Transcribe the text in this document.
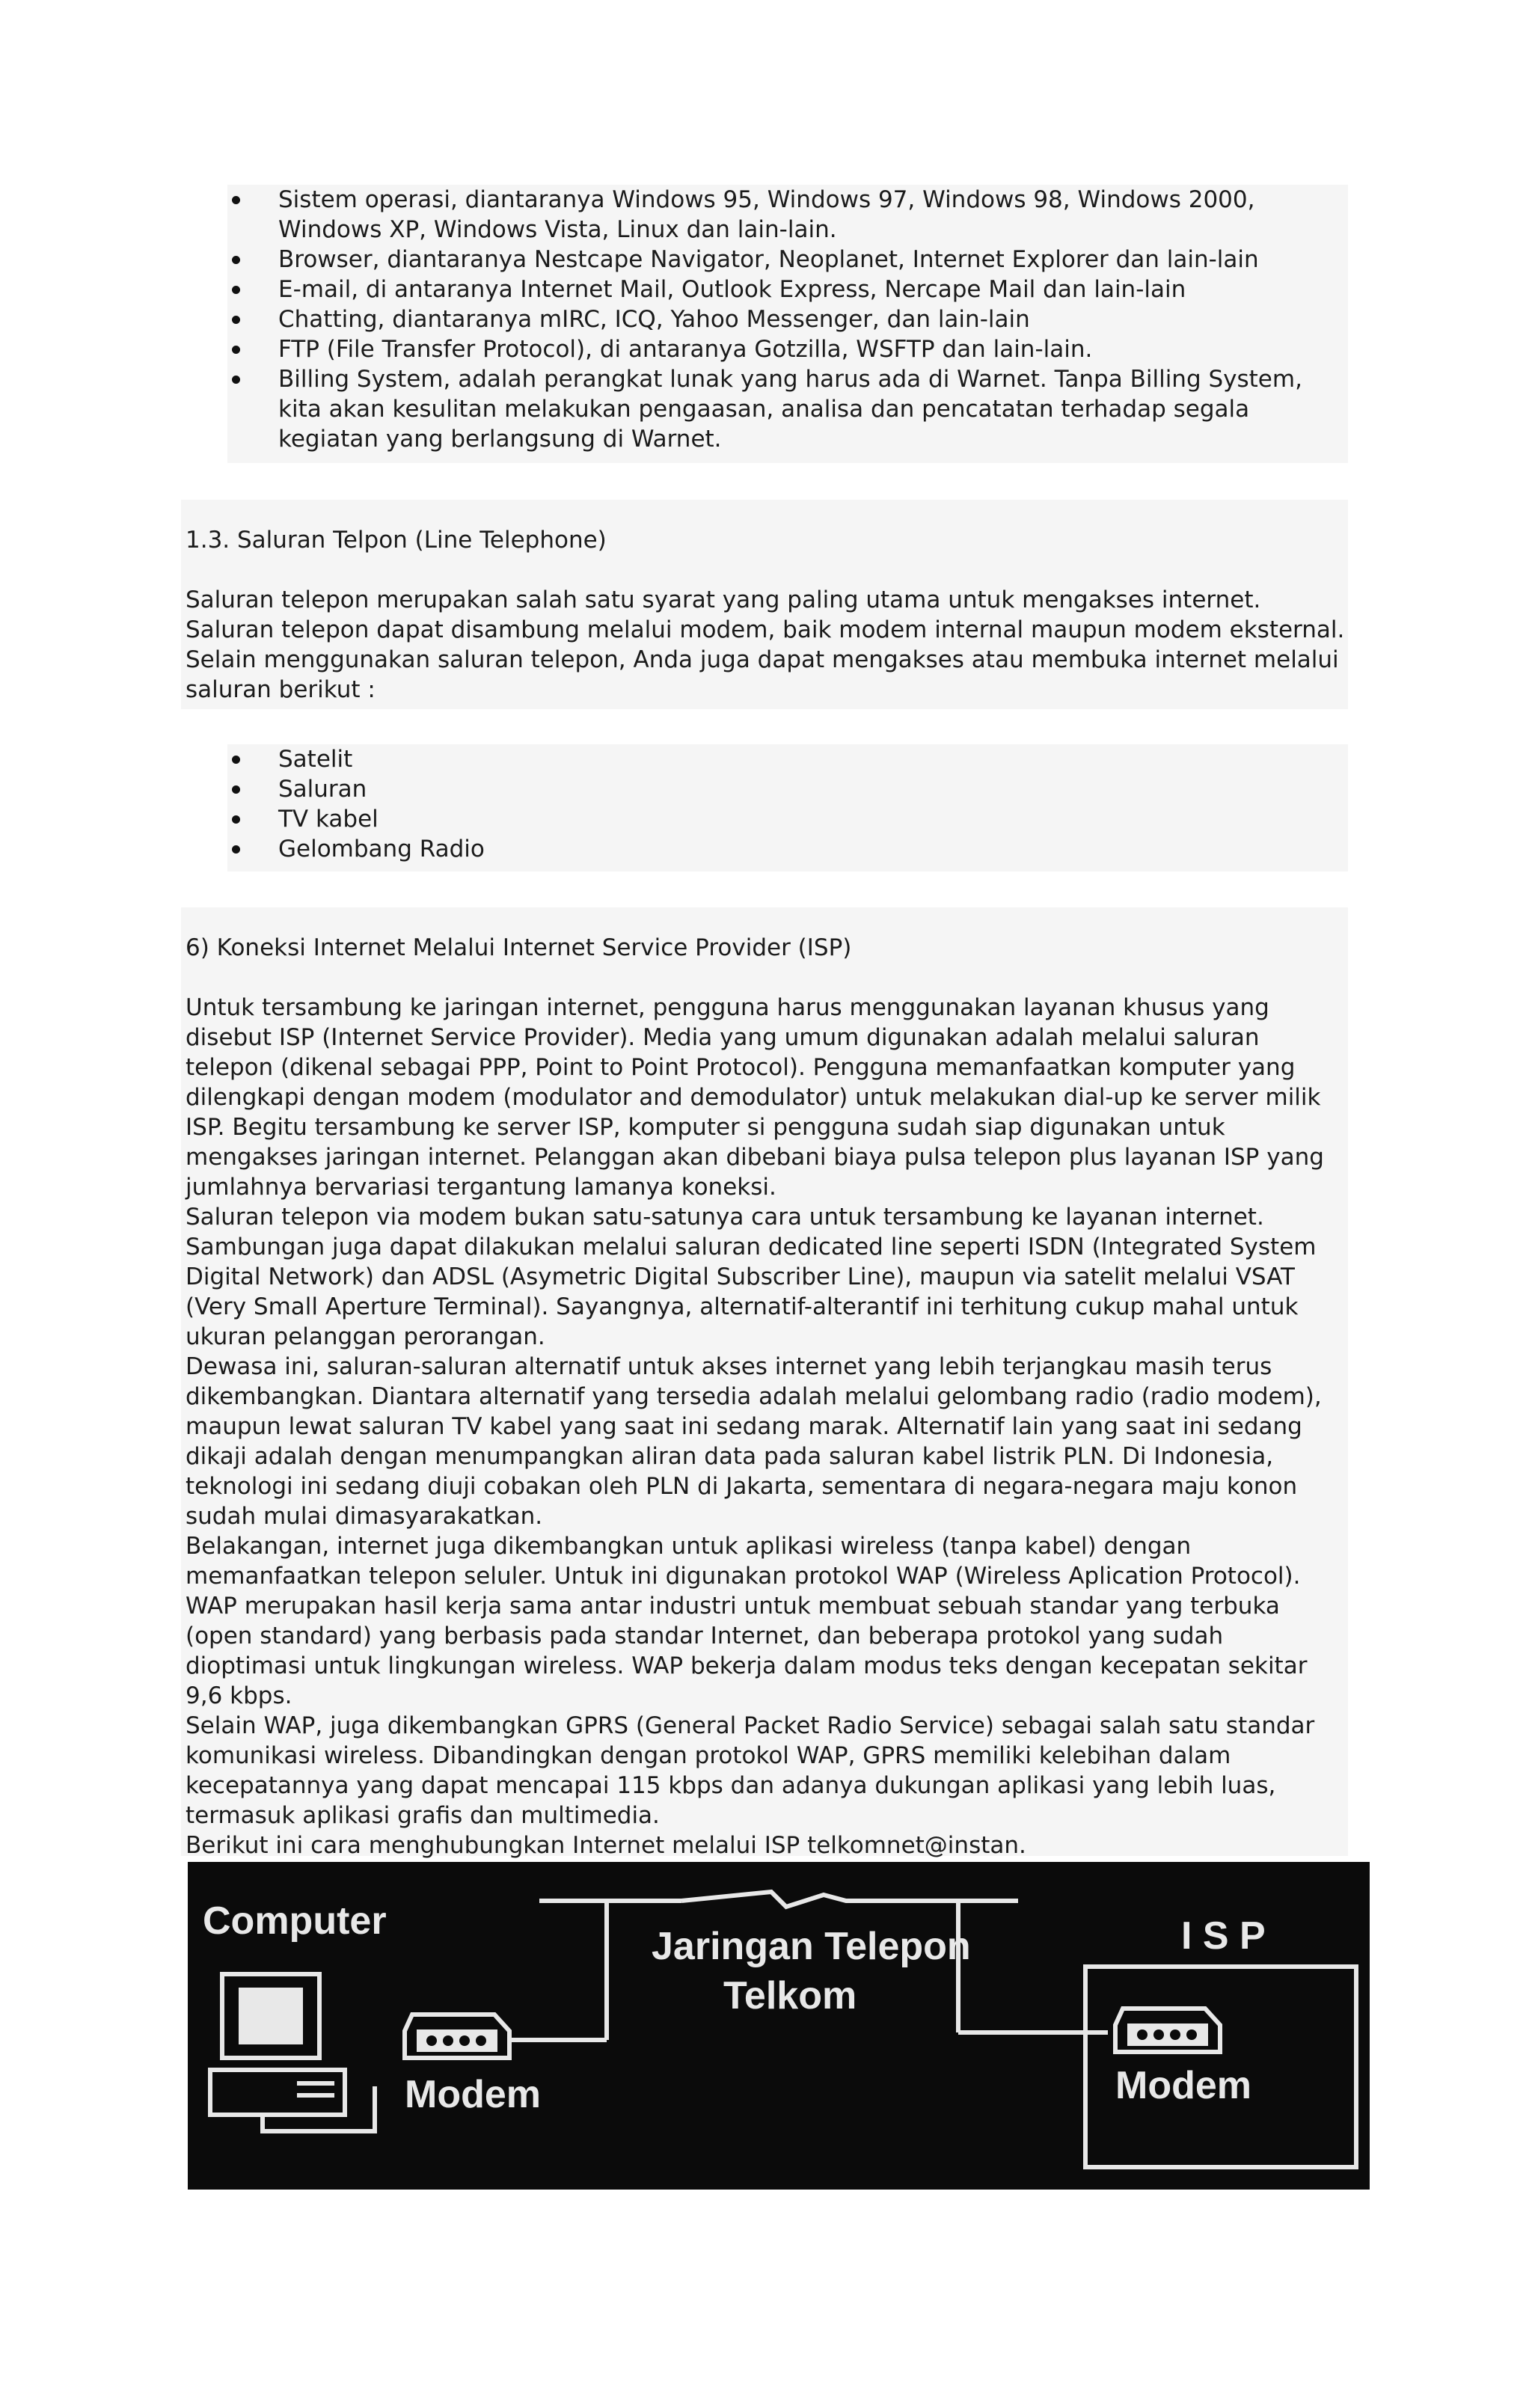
Sistem operasi, diantaranya Windows 95, Windows 97, Windows 98, Windows 2000, Windows XP, Windows Vista, Linux dan lain-lain.
Browser, diantaranya Nestcape Navigator, Neoplanet, Internet Explorer dan lain-lain
E-mail, di antaranya Internet Mail, Outlook Express, Nercape Mail dan lain-lain
Chatting, diantaranya mIRC, ICQ, Yahoo Messenger, dan lain-lain
FTP (File Transfer Protocol), di antaranya Gotzilla, WSFTP dan lain-lain.
Billing System, adalah perangkat lunak yang harus ada di Warnet. Tanpa Billing System, kita akan kesulitan melakukan pengaasan, analisa dan pencatatan terhadap segala kegiatan yang berlangsung di Warnet.

1.3. Saluran Telpon (Line Telephone)

Saluran telepon merupakan salah satu syarat yang paling utama untuk mengakses internet. Saluran telepon dapat disambung melalui modem, baik modem internal maupun modem eksternal. Selain menggunakan saluran telepon, Anda juga dapat mengakses atau membuka internet melalui saluran berikut :

Satelit
Saluran
TV kabel
Gelombang Radio

6) Koneksi Internet Melalui Internet Service Provider (ISP)

Untuk tersambung ke jaringan internet, pengguna harus menggunakan layanan khusus yang disebut ISP (Internet Service Provider). Media yang umum digunakan adalah melalui saluran telepon (dikenal sebagai PPP, Point to Point Protocol). Pengguna memanfaatkan komputer yang dilengkapi dengan modem (modulator and demodulator) untuk melakukan dial-up ke server milik ISP. Begitu tersambung ke server ISP, komputer si pengguna sudah siap digunakan untuk mengakses jaringan internet. Pelanggan akan dibebani biaya pulsa telepon plus layanan ISP yang jumlahnya bervariasi tergantung lamanya koneksi.

Saluran telepon via modem bukan satu-satunya cara untuk tersambung ke layanan internet. Sambungan juga dapat dilakukan melalui saluran dedicated line seperti ISDN (Integrated System Digital Network) dan ADSL (Asymetric Digital Subscriber Line), maupun via satelit melalui VSAT (Very Small Aperture Terminal). Sayangnya, alternatif-alterantif ini terhitung cukup mahal untuk ukuran pelanggan perorangan.

Dewasa ini, saluran-saluran alternatif untuk akses internet yang lebih terjangkau masih terus dikembangkan. Diantara alternatif yang tersedia adalah melalui gelombang radio (radio modem), maupun lewat saluran TV kabel yang saat ini sedang marak. Alternatif lain yang saat ini sedang dikaji adalah dengan menumpangkan aliran data pada saluran kabel listrik PLN. Di Indonesia, teknologi ini sedang diuji cobakan oleh PLN di Jakarta, sementara di negara-negara maju konon sudah mulai dimasyarakatkan.

Belakangan, internet juga dikembangkan untuk aplikasi wireless (tanpa kabel) dengan memanfaatkan telepon seluler. Untuk ini digunakan protokol WAP (Wireless Aplication Protocol). WAP merupakan hasil kerja sama antar industri untuk membuat sebuah standar yang terbuka (open standard) yang berbasis pada standar Internet, dan beberapa protokol yang sudah dioptimasi untuk lingkungan wireless. WAP bekerja dalam modus teks dengan kecepatan sekitar 9,6 kbps.

Selain WAP, juga dikembangkan GPRS (General Packet Radio Service) sebagai salah satu standar komunikasi wireless. Dibandingkan dengan protokol WAP, GPRS memiliki kelebihan dalam kecepatannya yang dapat mencapai 115 kbps dan adanya dukungan aplikasi yang lebih luas, termasuk aplikasi grafis dan multimedia.

Berikut ini cara menghubungkan Internet melalui ISP telkomnet@instan.

Computer
Modem
Jaringan Telepon
Telkom
I S P
Modem
